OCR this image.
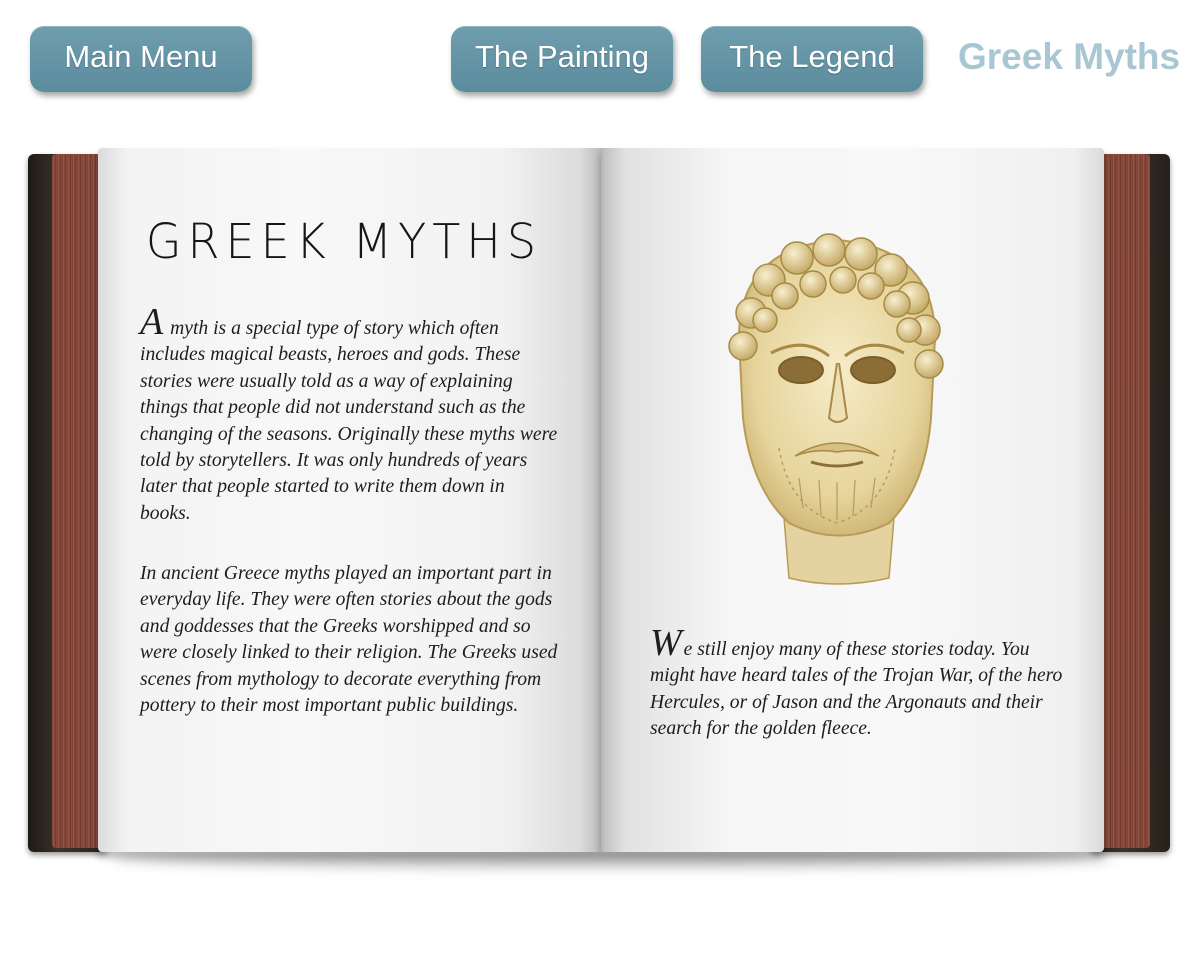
Main Menu	The Painting	The Legend	Greek Myths
GREEK MYTHS
A myth is a special type of story which often includes magical beasts, heroes and gods. These stories were usually told as a way of explaining things that people did not understand such as the changing of the seasons. Originally these myths were told by storytellers. It was only hundreds of years later that people started to write them down in books.
In ancient Greece myths played an important part in everyday life. They were often stories about the gods and goddesses that the Greeks worshipped and so were closely linked to their religion. The Greeks used scenes from mythology to decorate everything from pottery to their most important public buildings.
We still enjoy many of these stories today. You might have heard tales of the Trojan War, of the hero Hercules, or of Jason and the Argonauts and their search for the golden fleece.
